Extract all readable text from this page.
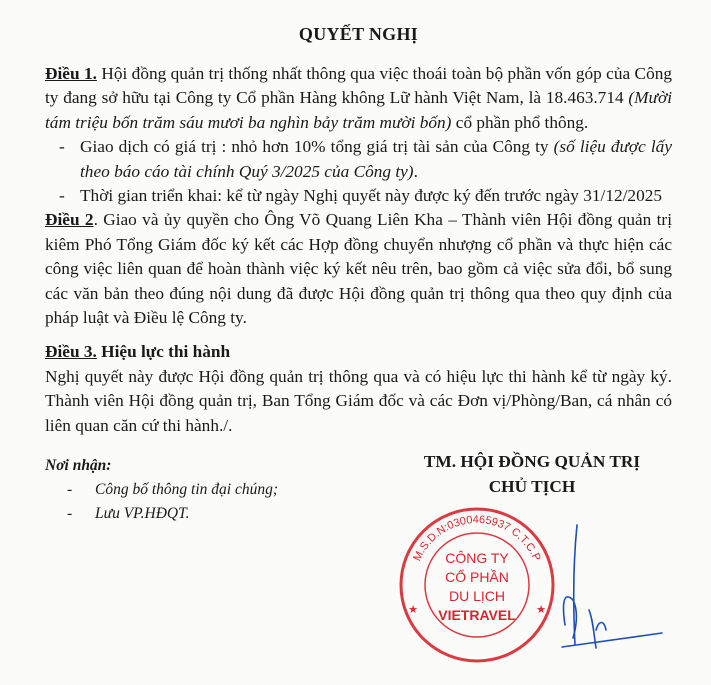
QUYẾT NGHỊ

Điều 1. Hội đồng quản trị thống nhất thông qua việc thoái toàn bộ phần vốn góp của Công ty đang sở hữu tại Công ty Cổ phần Hàng không Lữ hành Việt Nam, là 18.463.714 (Mười tám triệu bốn trăm sáu mươi ba nghìn bảy trăm mười bốn) cổ phần phổ thông.

- Giao dịch có giá trị : nhỏ hơn 10% tổng giá trị tài sản của Công ty (số liệu được lấy theo báo cáo tài chính Quý 3/2025 của Công ty).
- Thời gian triển khai: kể từ ngày Nghị quyết này được ký đến trước ngày 31/12/2025

Điều 2. Giao và ủy quyền cho Ông Võ Quang Liên Kha – Thành viên Hội đồng quản trị kiêm Phó Tổng Giám đốc ký kết các Hợp đồng chuyển nhượng cổ phần và thực hiện các công việc liên quan để hoàn thành việc ký kết nêu trên, bao gồm cả việc sửa đổi, bổ sung các văn bản theo đúng nội dung đã được Hội đồng quản trị thông qua theo quy định của pháp luật và Điều lệ Công ty.

Điều 3. Hiệu lực thi hành

Nghị quyết này được Hội đồng quản trị thông qua và có hiệu lực thi hành kể từ ngày ký. Thành viên Hội đồng quản trị, Ban Tổng Giám đốc và các Đơn vị/Phòng/Ban, cá nhân có liên quan căn cứ thi hành./.

Nơi nhận:
- Công bố thông tin đại chúng;
- Lưu VP.HĐQT.
TM. HỘI ĐỒNG QUẢN TRỊ
CHỦ TỊCH
M.S.D.N:0300465937 C.T.C.P
CÔNG TY
CỔ PHẦN
DU LỊCH
VIETRAVEL
★	★
